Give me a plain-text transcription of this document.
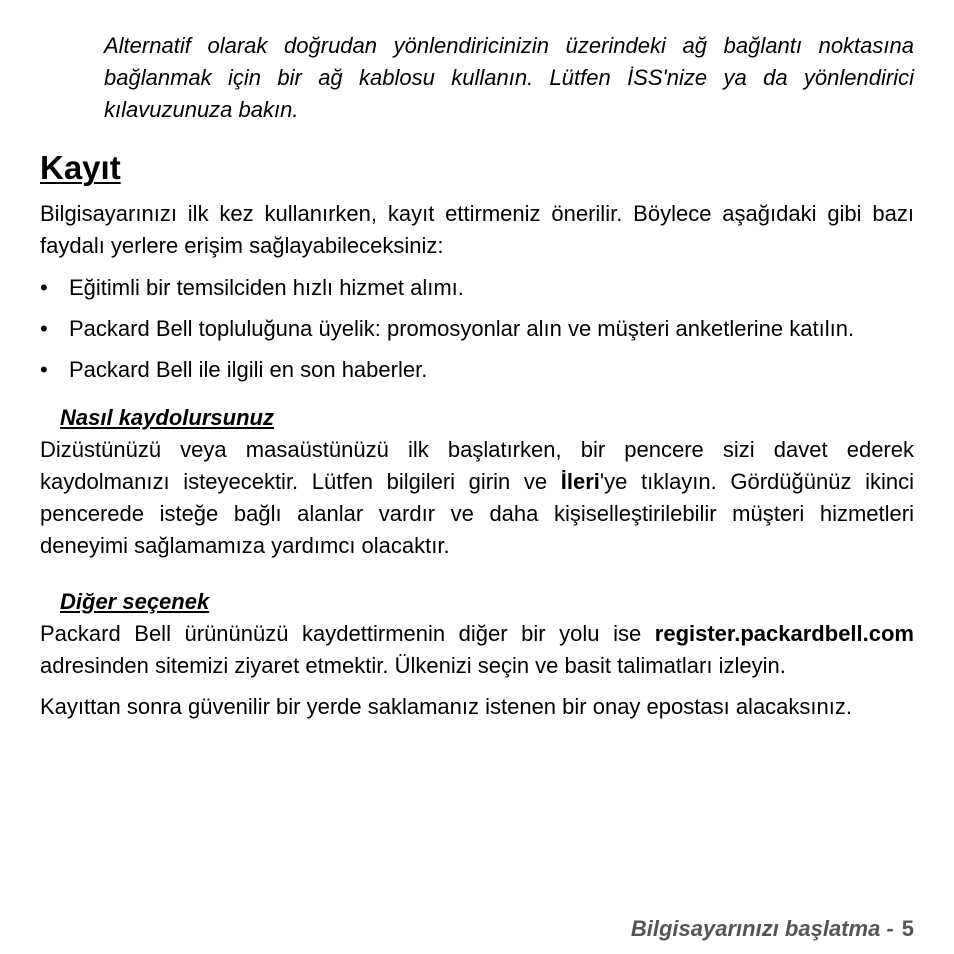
Alternatif olarak doğrudan yönlendiricinizin üzerindeki ağ bağlantı noktasına bağlanmak için bir ağ kablosu kullanın. Lütfen İSS'nize ya da yönlendirici kılavuzunuza bakın.

Kayıt

Bilgisayarınızı ilk kez kullanırken, kayıt ettirmeniz önerilir. Böylece aşağıdaki gibi bazı faydalı yerlere erişim sağlayabileceksiniz:

• Eğitimli bir temsilciden hızlı hizmet alımı.
• Packard Bell topluluğuna üyelik: promosyonlar alın ve müşteri anketlerine katılın.
• Packard Bell ile ilgili en son haberler.
Nasıl kaydolursunuz

Dizüstünüzü veya masaüstünüzü ilk başlatırken, bir pencere sizi davet ederek kaydolmanızı isteyecektir. Lütfen bilgileri girin ve İleri'ye tıklayın. Gördüğünüz ikinci pencerede isteğe bağlı alanlar vardır ve daha kişiselleştirilebilir müşteri hizmetleri deneyimi sağlamamıza yardımcı olacaktır.

Diğer seçenek

Packard Bell ürününüzü kaydettirmenin diğer bir yolu ise register.packardbell.com adresinden sitemizi ziyaret etmektir. Ülkenizi seçin ve basit talimatları izleyin.

Kayıttan sonra güvenilir bir yerde saklamanız istenen bir onay epostası alacaksınız.

Bilgisayarınızı başlatma - 5
